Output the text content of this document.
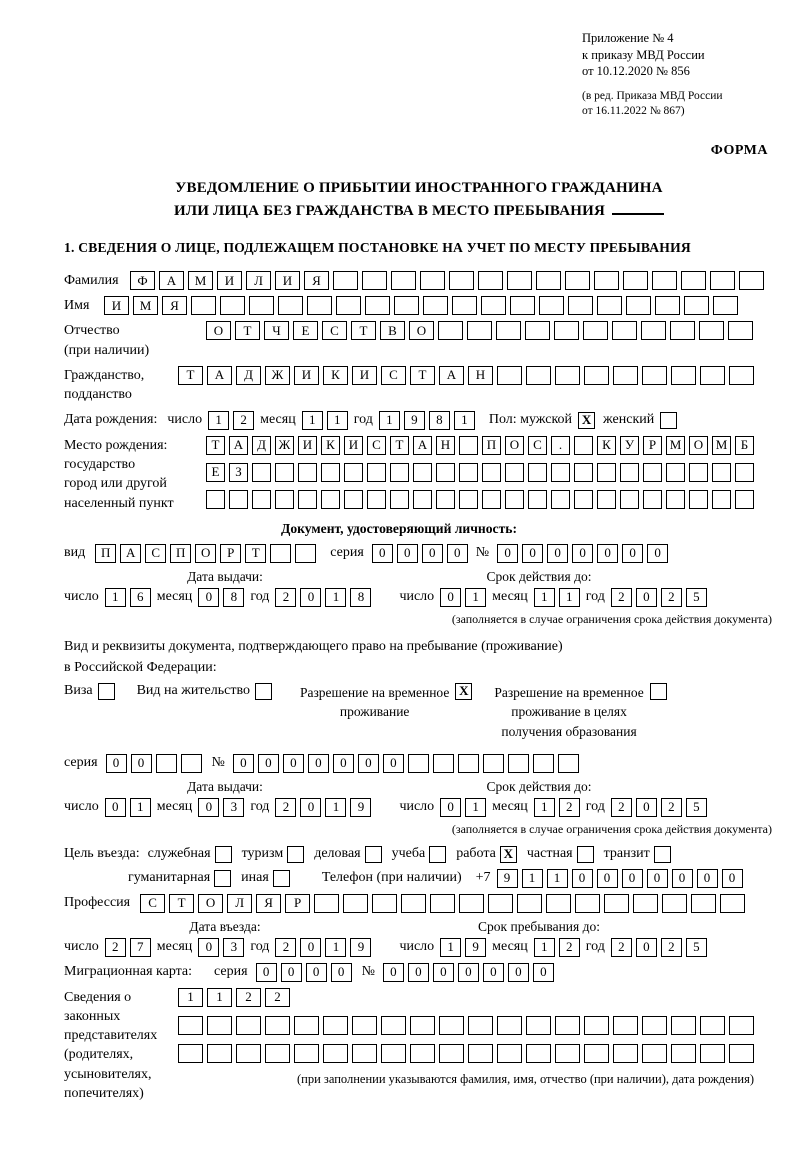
Приложение № 4
к приказу МВД России
от 10.12.2020 № 856
(в ред. Приказа МВД России
от 16.11.2022 № 867)
ФОРМА
УВЕДОМЛЕНИЕ О ПРИБЫТИИ ИНОСТРАННОГО ГРАЖДАНИНА
ИЛИ ЛИЦА БЕЗ ГРАЖДАНСТВА В МЕСТО ПРЕБЫВАНИЯ
1. СВЕДЕНИЯ О ЛИЦЕ, ПОДЛЕЖАЩЕМ ПОСТАНОВКЕ НА УЧЕТ ПО МЕСТУ ПРЕБЫВАНИЯ
Фамилия	Ф	А	М	И	Л	И	Я
Имя	И	М	Я
Отчество
(при наличии)
О	Т	Ч	Е	С	Т	В	О
Гражданство,
подданство
Т	А	Д	Ж	И	К	И	С	Т	А	Н
Дата рождения: число	1	2 месяц	1	1 год	1	9	8	1	Пол: мужской X женский
Место рождения:
государство
город или другой
населенный пункт
Т	А	Д Ж И	К	И	С	Т	А	Н	П	О	С	.	К	У	Р	М О М	Б
Е	З
Документ, удостоверяющий личность:
вид	П	А	С	П	О	Р	Т	серия	0	0	0	0	№	0	0	0	0	0	0	0
Дата выдачи:	Срок действия до:
число	1	6 месяц	0	8 год	2	0	1	8	число	0	1 месяц	1	1 год	2	0	2	5
(заполняется в случае ограничения срока действия документа)
Вид и реквизиты документа, подтверждающего право на пребывание (проживание)
в Российской Федерации:
Виза	Вид на жительство	Разрешение на временное
проживание
X Разрешение на временное
проживание в целях
получения образования
серия	0	0	№	0	0	0	0	0	0	0
Дата выдачи:	Срок действия до:
число	0	1 месяц	0	3 год	2	0	1	9	число	0	1 месяц	1	2 год	2	0	2	5
(заполняется в случае ограничения срока действия документа)
Цель въезда: служебная туризм деловая учеба работа X частная транзит
гуманитарная иная	Телефон (при наличии) +7	9	1	1	0	0	0	0	0	0	0
Профессия	С	Т	О	Л	Я	Р
Дата въезда:	Срок пребывания до:
число	2	7 месяц	0	3 год	2	0	1	9	число	1	9 месяц	1	2 год	2	0	2	5
Миграционная карта: серия	0	0	0	0	№	0	0	0	0	0	0	0
Сведения о
законных
представителях
(родителях,
усыновителях,
попечителях)
1	1	2	2
(при заполнении указываются фамилия, имя, отчество (при наличии), дата рождения)
